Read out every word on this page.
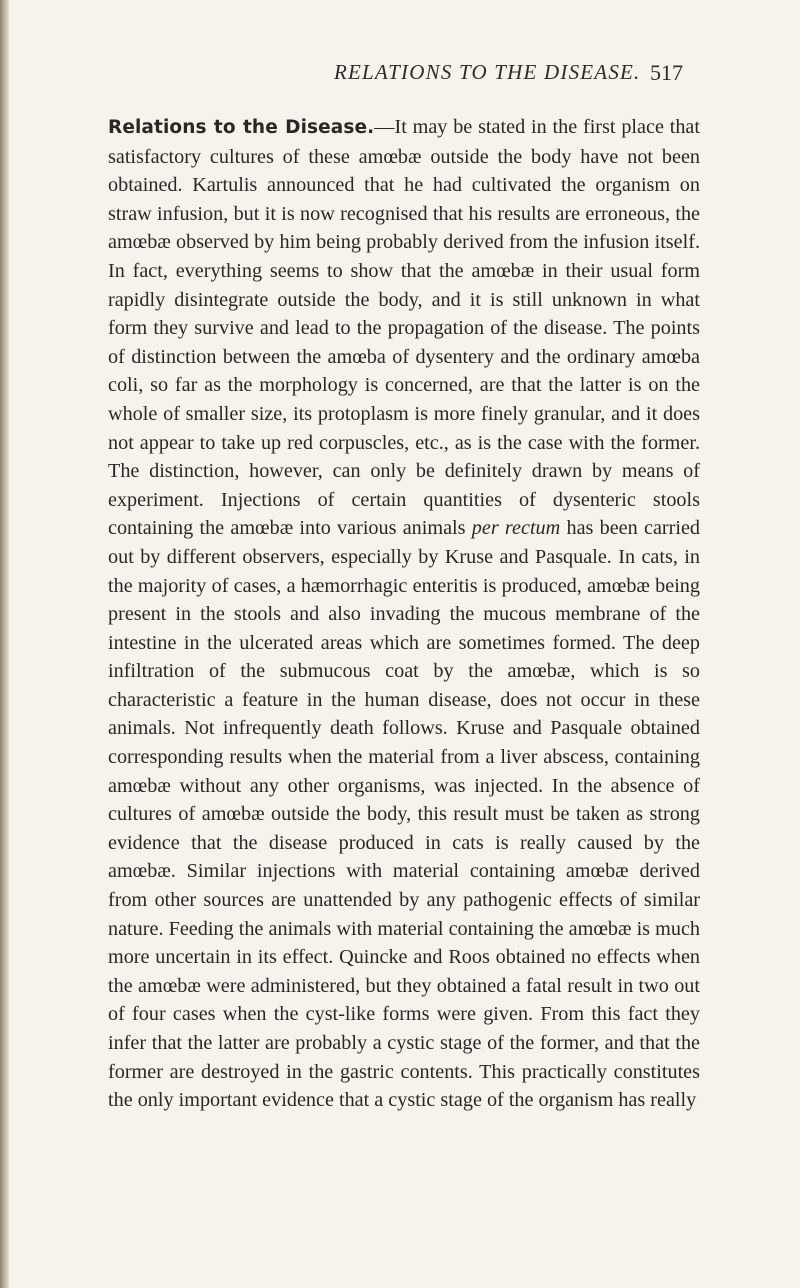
RELATIONS TO THE DISEASE. 517

Relations to the Disease.—It may be stated in the first place that satisfactory cultures of these amœbæ outside the body have not been obtained. Kartulis announced that he had cultivated the organism on straw infusion, but it is now recognised that his results are erroneous, the amœbæ observed by him being probably derived from the infusion itself. In fact, everything seems to show that the amœbæ in their usual form rapidly disintegrate outside the body, and it is still unknown in what form they survive and lead to the propagation of the disease. The points of distinction between the amœba of dysentery and the ordinary amœba coli, so far as the morphology is concerned, are that the latter is on the whole of smaller size, its protoplasm is more finely granular, and it does not appear to take up red corpuscles, etc., as is the case with the former. The distinction, however, can only be definitely drawn by means of experiment. Injections of certain quantities of dysenteric stools containing the amœbæ into various animals per rectum has been carried out by different observers, especially by Kruse and Pasquale. In cats, in the majority of cases, a hæmorrhagic enteritis is produced, amœbæ being present in the stools and also invading the mucous membrane of the intestine in the ulcerated areas which are sometimes formed. The deep infiltration of the submucous coat by the amœbæ, which is so characteristic a feature in the human disease, does not occur in these animals. Not infrequently death follows. Kruse and Pasquale obtained corresponding results when the material from a liver abscess, containing amœbæ without any other organisms, was injected. In the absence of cultures of amœbæ outside the body, this result must be taken as strong evidence that the disease produced in cats is really caused by the amœbæ. Similar injections with material containing amœbæ derived from other sources are unattended by any pathogenic effects of similar nature. Feeding the animals with material containing the amœbæ is much more uncertain in its effect. Quincke and Roos obtained no effects when the amœbæ were administered, but they obtained a fatal result in two out of four cases when the cyst-like forms were given. From this fact they infer that the latter are probably a cystic stage of the former, and that the former are destroyed in the gastric contents. This practically constitutes the only important evidence that a cystic stage of the organism has really
